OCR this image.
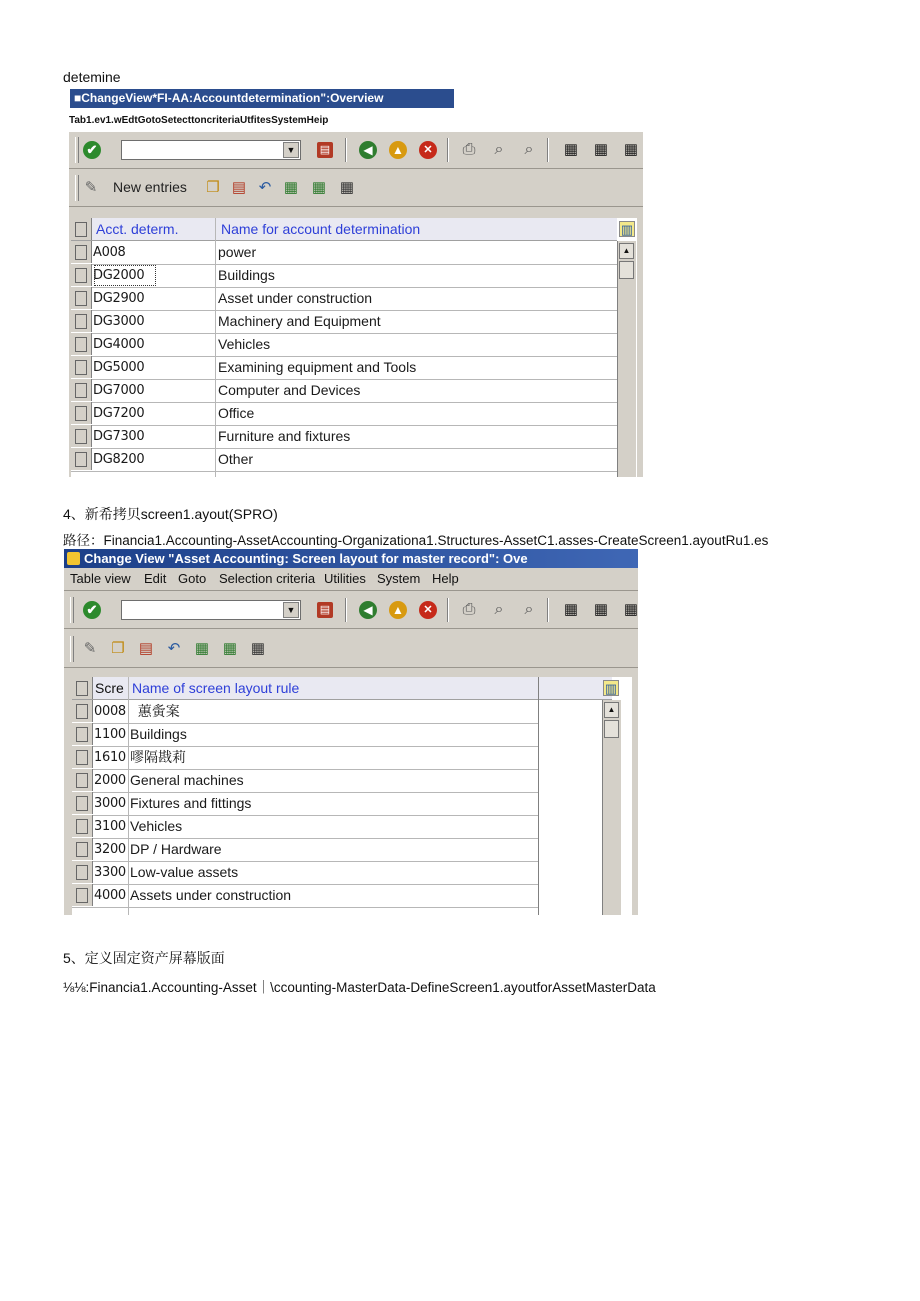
detemine
■ChangeView*FI-AA:Accountdetermination":Overview
Tab1.ev1.wEdtGotoSetecttoncriteriaUtfitesSystemHeip
✔	▼	▤	◀	▲	✕ ⎙	⌕	⌕	▦ ▦ ▦
✎ New entries ❐ ▤ ↶ ▦ ▦ ▦
Acct. determ.	Name for account determination	▥
A008	power
DG2000	Buildings
DG2900	Asset under construction
DG3000	Machinery and Equipment
DG4000	Vehicles
DG5000	Examining equipment and Tools
DG7000	Computer and Devices
DG7200	Office
DG7300	Furniture and fixtures
DG8200	Other
▲
4、新希拷贝screen1.ayout(SPRO)
路径：Financia1.Accounting-AssetAccounting-Organizationa1.Structures-AssetC1.asses-CreateScreen1.ayoutRu1.es
Change View "Asset Accounting: Screen layout for master record": Ove
Table view Edit Goto Selection criteria Utilities System Help
✔	▼	▤	◀	▲	✕ ⎙	⌕	⌕	▦ ▦ ▦
✎ ❐ ▤ ↶ ▦ ▦ ▦
Scre Name of screen layout rule	▥
0008 蕙夤案
1100 Buildings
1610 嘐隔戡莉
2000 General machines
3000 Fixtures and fittings
3100 Vehicles
3200 DP / Hardware
3300 Low-value assets
4000 Assets under construction
▲
5、定义固定资产屏幕版面
⅛⅛:Financia1.Accounting-Asset｜\ccounting-MasterData-DefineScreen1.ayoutforAssetMasterData
